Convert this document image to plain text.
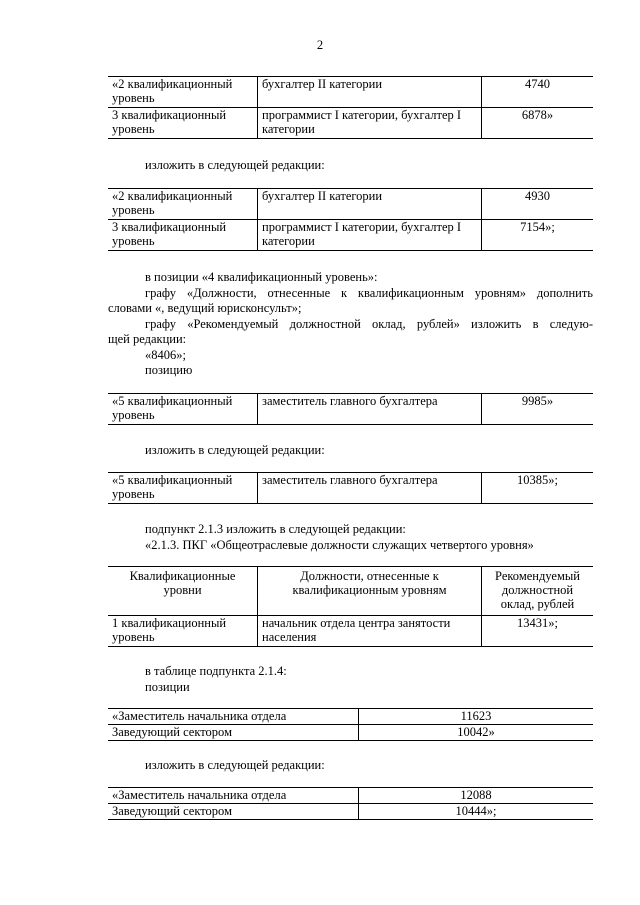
2
«2 квалификационный уровень	бухгалтер II категории	4740
3 квалификационный уровень	программист I категории, бухгалтер I категории	6878»

изложить в следующей редакции:

«2 квалификационный уровень	бухгалтер II категории	4930
3 квалификационный уровень	программист I категории, бухгалтер I категории	7154»;

в позиции «4 квалификационный уровень»:

графу «Должности, отнесенные к квалификационным уровням» дополнить

словами «, ведущий юрисконсульт»;

графу «Рекомендуемый должностной оклад, рублей» изложить в следую-

щей редакции:

«8406»;

позицию

«5 квалификационный уровень	заместитель главного бухгалтера	9985»

изложить в следующей редакции:

«5 квалификационный уровень	заместитель главного бухгалтера	10385»;

подпункт 2.1.3 изложить в следующей редакции:

«2.1.3. ПКГ «Общеотраслевые должности служащих четвертого уровня»

Квалификационные уровни	Должности, отнесенные к квалификационным уровням	Рекомендуемый должностной оклад, рублей
1 квалификационный уровень	начальник отдела центра занятости населения	13431»;

в таблице подпункта 2.1.4:

позиции

«Заместитель начальника отдела	11623
Заведующий сектором	10042»

изложить в следующей редакции:

«Заместитель начальника отдела	12088
Заведующий сектором	10444»;
